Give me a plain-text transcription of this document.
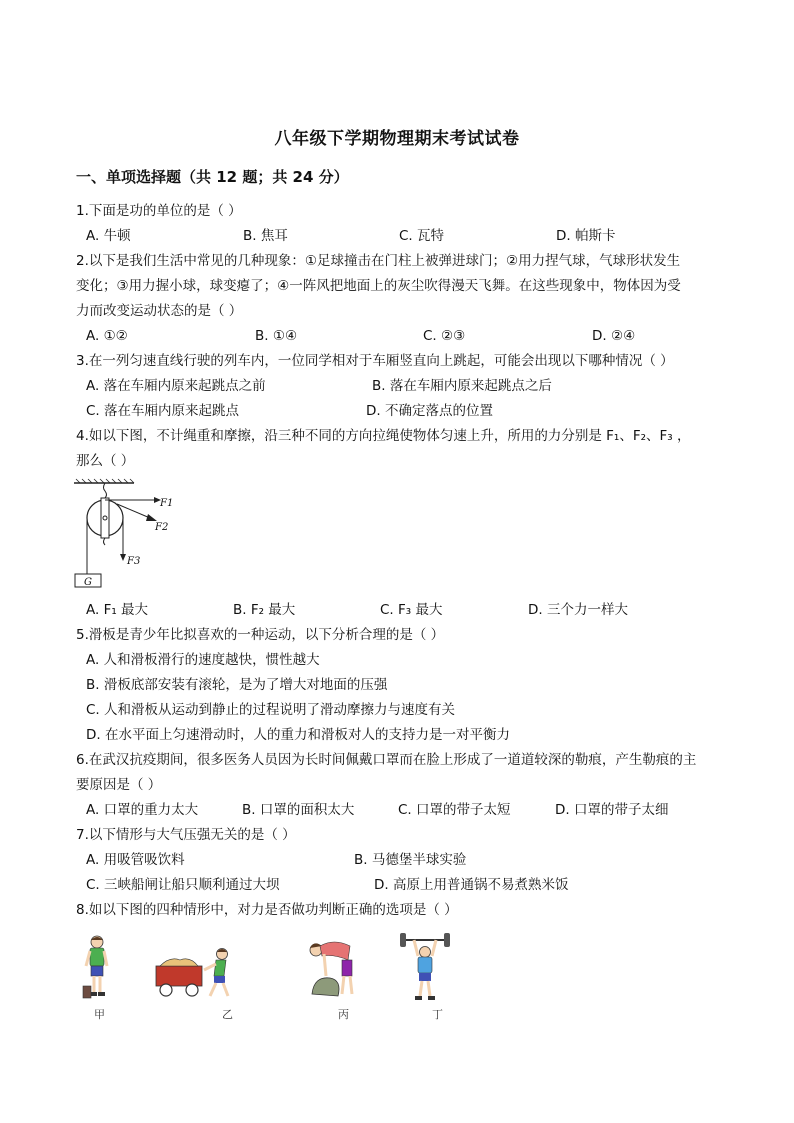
八年级下学期物理期末考试试卷
一、单项选择题（共 12 题；共 24 分）
1.下面是功的单位的是（ ）
A. 牛顿	B. 焦耳	C. 瓦特	D. 帕斯卡
2.以下是我们生活中常见的几种现象：①足球撞击在门柱上被弹进球门；②用力捏气球，气球形状发生
变化；③用力握小球，球变瘪了；④一阵风把地面上的灰尘吹得漫天飞舞。在这些现象中，物体因为受
力而改变运动状态的是（ ）
A. ①②	B. ①④	C. ②③	D. ②④
3.在一列匀速直线行驶的列车内，一位同学相对于车厢竖直向上跳起，可能会出现以下哪种情况（ ）
A. 落在车厢内原来起跳点之前	B. 落在车厢内原来起跳点之后
C. 落在车厢内原来起跳点	D. 不确定落点的位置
4.如以下图，不计绳重和摩擦，沿三种不同的方向拉绳使物体匀速上升，所用的力分别是 F₁、F₂、F₃ ，
那么（ ）
G
F1
F2
F3
A. F₁ 最大	B. F₂ 最大	C. F₃ 最大	D. 三个力一样大
5.滑板是青少年比拟喜欢的一种运动，以下分析合理的是（ ）
A. 人和滑板滑行的速度越快，惯性越大
B. 滑板底部安装有滚轮，是为了增大对地面的压强
C. 人和滑板从运动到静止的过程说明了滑动摩擦力与速度有关
D. 在水平面上匀速滑动时，人的重力和滑板对人的支持力是一对平衡力
6.在武汉抗疫期间，很多医务人员因为长时间佩戴口罩而在脸上形成了一道道较深的勒痕，产生勒痕的主
要原因是（ ）
A. 口罩的重力太大	B. 口罩的面积太大	C. 口罩的带子太短	D. 口罩的带子太细
7.以下情形与大气压强无关的是（ ）
A. 用吸管吸饮料	B. 马德堡半球实验
C. 三峡船闸让船只顺利通过大坝	D. 高原上用普通锅不易煮熟米饭
8.如以下图的四种情形中，对力是否做功判断正确的选项是（ ）
甲	乙	丙	丁
